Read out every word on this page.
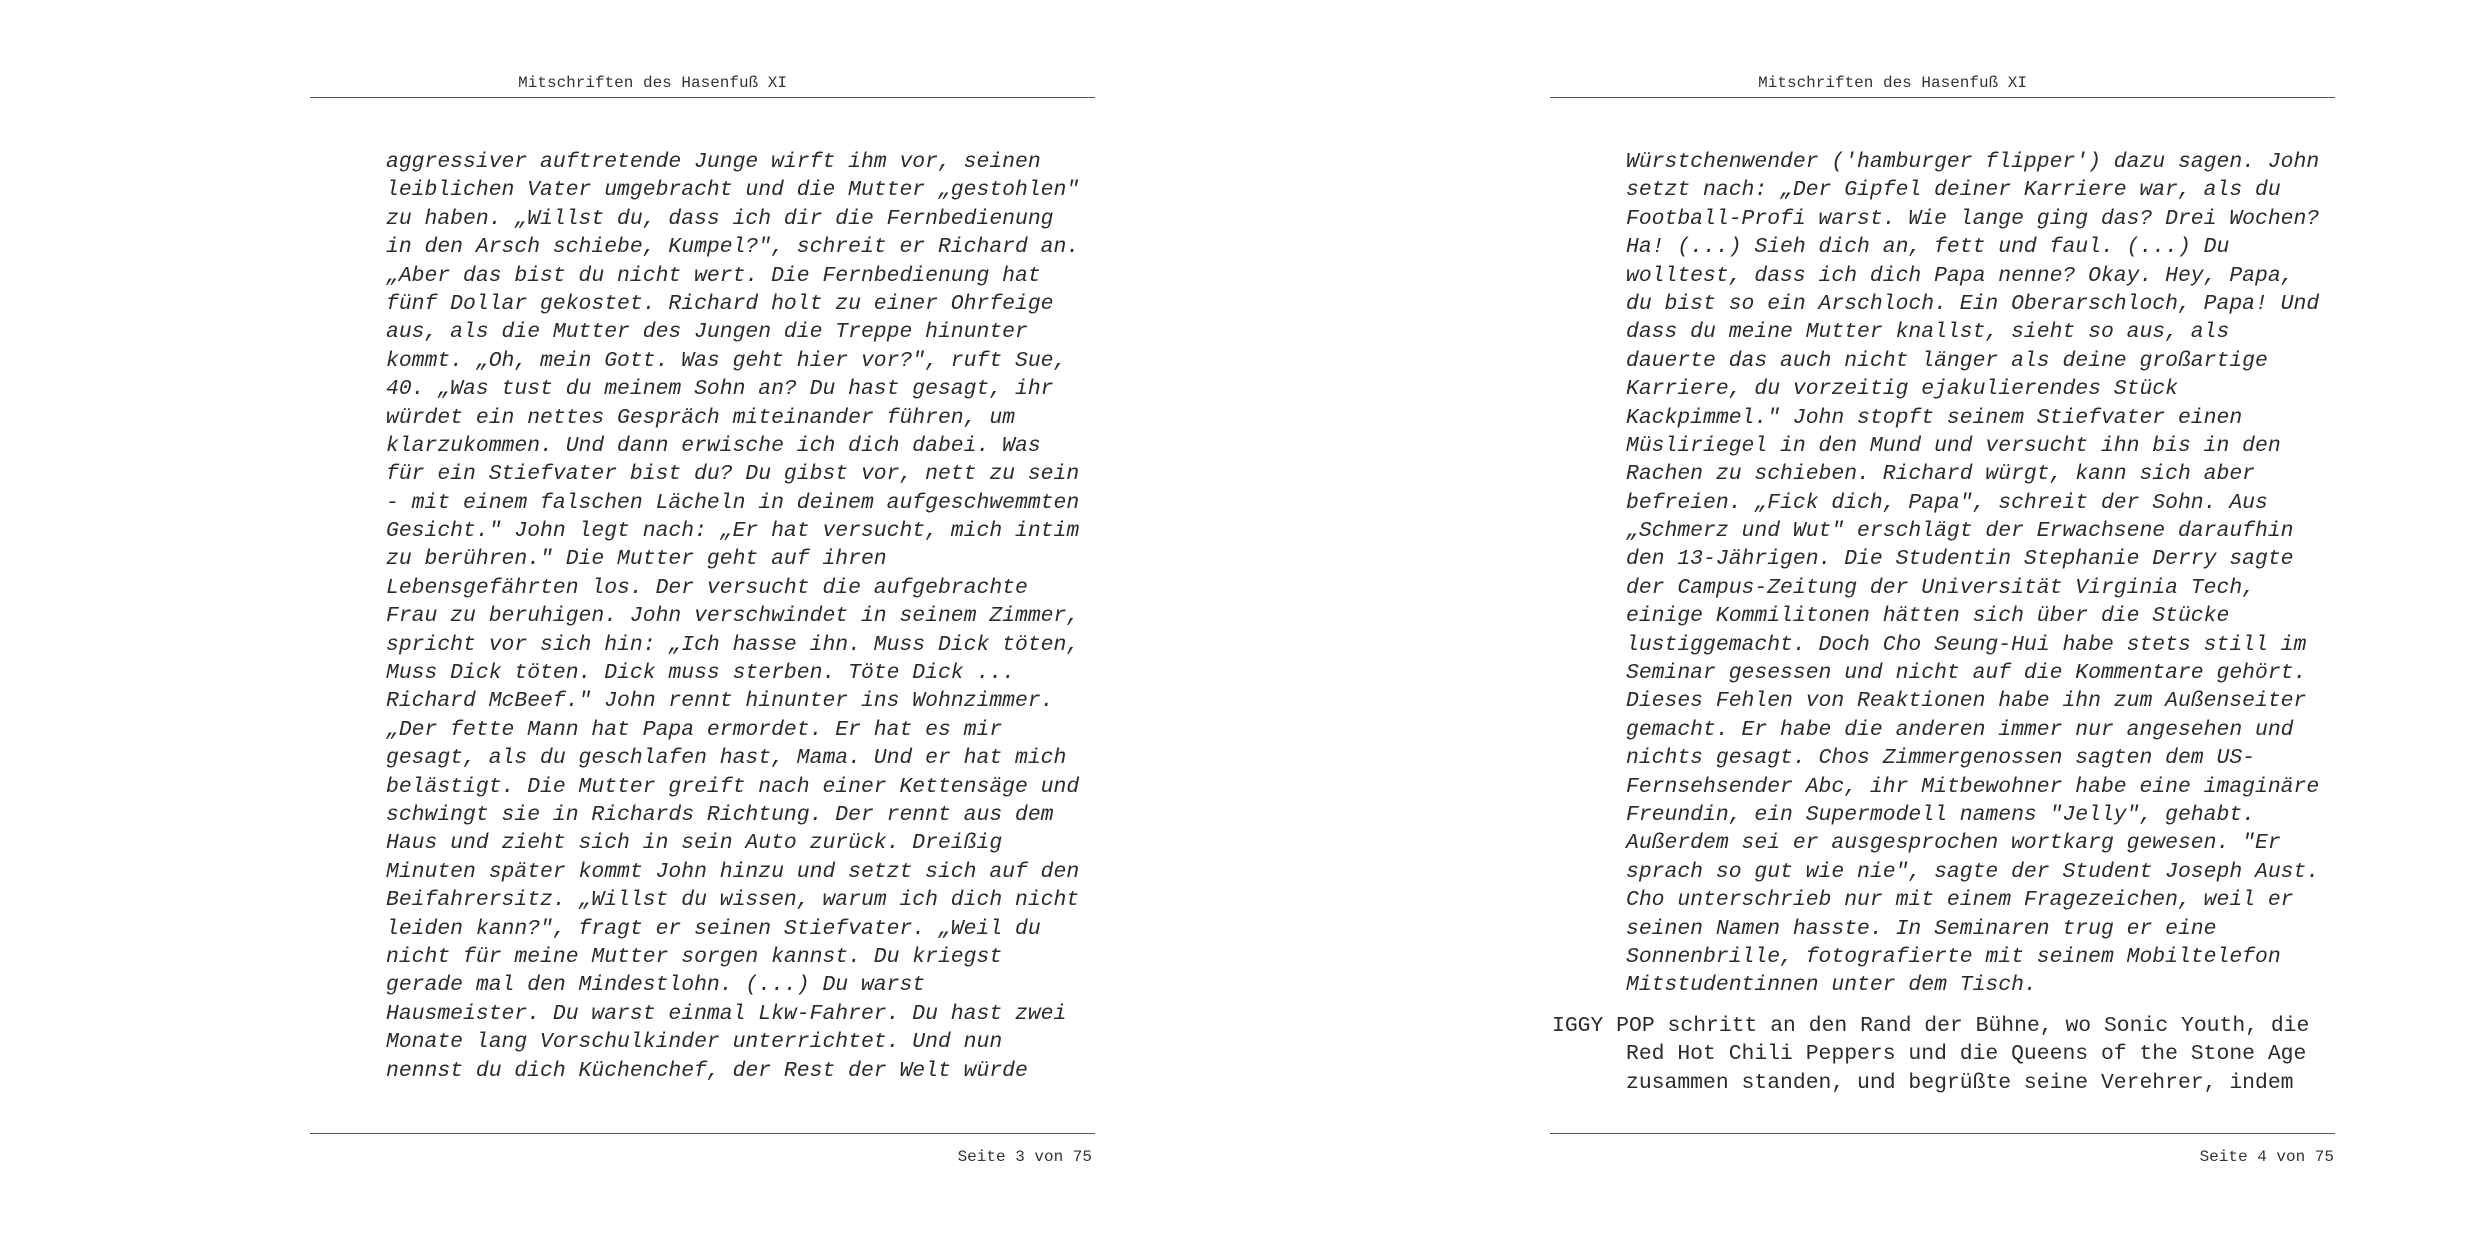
Mitschriften des Hasenfuß XI
aggressiver auftretende Junge wirft ihm vor, seinen
leiblichen Vater umgebracht und die Mutter „gestohlen"
zu haben. „Willst du, dass ich dir die Fernbedienung
in den Arsch schiebe, Kumpel?", schreit er Richard an.
„Aber das bist du nicht wert. Die Fernbedienung hat
fünf Dollar gekostet. Richard holt zu einer Ohrfeige
aus, als die Mutter des Jungen die Treppe hinunter
kommt. „Oh, mein Gott. Was geht hier vor?", ruft Sue,
40. „Was tust du meinem Sohn an? Du hast gesagt, ihr
würdet ein nettes Gespräch miteinander führen, um
klarzukommen. Und dann erwische ich dich dabei. Was
für ein Stiefvater bist du? Du gibst vor, nett zu sein
- mit einem falschen Lächeln in deinem aufgeschwemmten
Gesicht." John legt nach: „Er hat versucht, mich intim
zu berühren." Die Mutter geht auf ihren
Lebensgefährten los. Der versucht die aufgebrachte
Frau zu beruhigen. John verschwindet in seinem Zimmer,
spricht vor sich hin: „Ich hasse ihn. Muss Dick töten,
Muss Dick töten. Dick muss sterben. Töte Dick ...
Richard McBeef." John rennt hinunter ins Wohnzimmer.
„Der fette Mann hat Papa ermordet. Er hat es mir
gesagt, als du geschlafen hast, Mama. Und er hat mich
belästigt. Die Mutter greift nach einer Kettensäge und
schwingt sie in Richards Richtung. Der rennt aus dem
Haus und zieht sich in sein Auto zurück. Dreißig
Minuten später kommt John hinzu und setzt sich auf den
Beifahrersitz. „Willst du wissen, warum ich dich nicht
leiden kann?", fragt er seinen Stiefvater. „Weil du
nicht für meine Mutter sorgen kannst. Du kriegst
gerade mal den Mindestlohn. (...) Du warst
Hausmeister. Du warst einmal Lkw-Fahrer. Du hast zwei
Monate lang Vorschulkinder unterrichtet. Und nun
nennst du dich Küchenchef, der Rest der Welt würde
Seite 3 von 75
Mitschriften des Hasenfuß XI
Würstchenwender ('hamburger flipper') dazu sagen. John
setzt nach: „Der Gipfel deiner Karriere war, als du
Football-Profi warst. Wie lange ging das? Drei Wochen?
Ha! (...) Sieh dich an, fett und faul. (...) Du
wolltest, dass ich dich Papa nenne? Okay. Hey, Papa,
du bist so ein Arschloch. Ein Oberarschloch, Papa! Und
dass du meine Mutter knallst, sieht so aus, als
dauerte das auch nicht länger als deine großartige
Karriere, du vorzeitig ejakulierendes Stück
Kackpimmel." John stopft seinem Stiefvater einen
Müsliriegel in den Mund und versucht ihn bis in den
Rachen zu schieben. Richard würgt, kann sich aber
befreien. „Fick dich, Papa", schreit der Sohn. Aus
„Schmerz und Wut" erschlägt der Erwachsene daraufhin
den 13-Jährigen. Die Studentin Stephanie Derry sagte
der Campus-Zeitung der Universität Virginia Tech,
einige Kommilitonen hätten sich über die Stücke
lustiggemacht. Doch Cho Seung-Hui habe stets still im
Seminar gesessen und nicht auf die Kommentare gehört.
Dieses Fehlen von Reaktionen habe ihn zum Außenseiter
gemacht. Er habe die anderen immer nur angesehen und
nichts gesagt. Chos Zimmergenossen sagten dem US-
Fernsehsender Abc, ihr Mitbewohner habe eine imaginäre
Freundin, ein Supermodell namens "Jelly", gehabt.
Außerdem sei er ausgesprochen wortkarg gewesen. "Er
sprach so gut wie nie", sagte der Student Joseph Aust.
Cho unterschrieb nur mit einem Fragezeichen, weil er
seinen Namen hasste. In Seminaren trug er eine
Sonnenbrille, fotografierte mit seinem Mobiltelefon
Mitstudentinnen unter dem Tisch.
IGGY POP schritt an den Rand der Bühne, wo Sonic Youth, die
Red Hot Chili Peppers und die Queens of the Stone Age
zusammen standen, und begrüßte seine Verehrer, indem
Seite 4 von 75
